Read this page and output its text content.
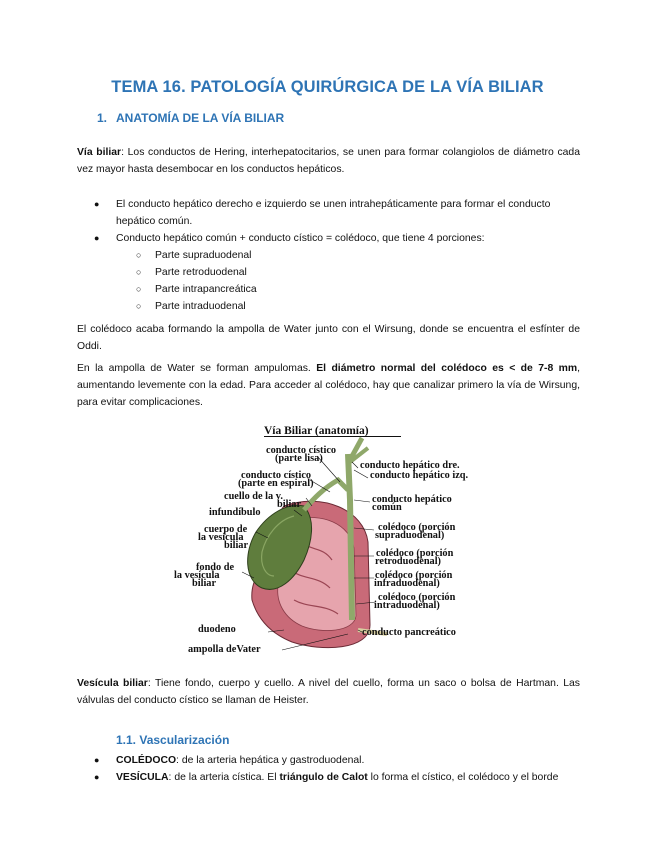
TEMA 16. PATOLOGÍA QUIRÚRGICA DE LA VÍA BILIAR
1. ANATOMÍA DE LA VÍA BILIAR

Vía biliar: Los conductos de Hering, interhepatocitarios, se unen para formar colangiolos de diámetro cada vez mayor hasta desembocar en los conductos hepáticos.

● El conducto hepático derecho e izquierdo se unen intrahepáticamente para formar el conducto hepático común.
● Conducto hepático común + conducto cístico = colédoco, que tiene 4 porciones:
○ Parte supraduodenal
○ Parte retroduodenal
○ Parte intrapancreática
○ Parte intraduodenal

El colédoco acaba formando la ampolla de Water junto con el Wirsung, donde se encuentra el esfínter de Oddi.

En la ampolla de Water se forman ampulomas. El diámetro normal del colédoco es < de 7-8 mm, aumentando levemente con la edad. Para acceder al colédoco, hay que canalizar primero la vía de Wirsung, para evitar complicaciones.

Vía Biliar (anatomía)
conducto cístico
(parte lisa)
conducto cístico
(parte en espiral)
cuello de la v.
biliar
infundíbulo
cuerpo de
la vesícula
biliar
fondo de
la vesícula
biliar
duodeno
ampolla deVater
conducto hepático dre.
conducto hepático izq.
conducto hepático
común
colédoco (porción
supraduodenal)
colédoco (porción
retroduodenal)
colédoco (porción
infraduodenal)
colédoco (porción
intraduodenal)
conducto pancreático

Vesícula biliar: Tiene fondo, cuerpo y cuello. A nivel del cuello, forma un saco o bolsa de Hartman. Las válvulas del conducto cístico se llaman de Heister.

1.1. Vascularización
● COLÉDOCO: de la arteria hepática y gastroduodenal.
● VESÍCULA: de la arteria cística. El triángulo de Calot lo forma el cístico, el colédoco y el borde
